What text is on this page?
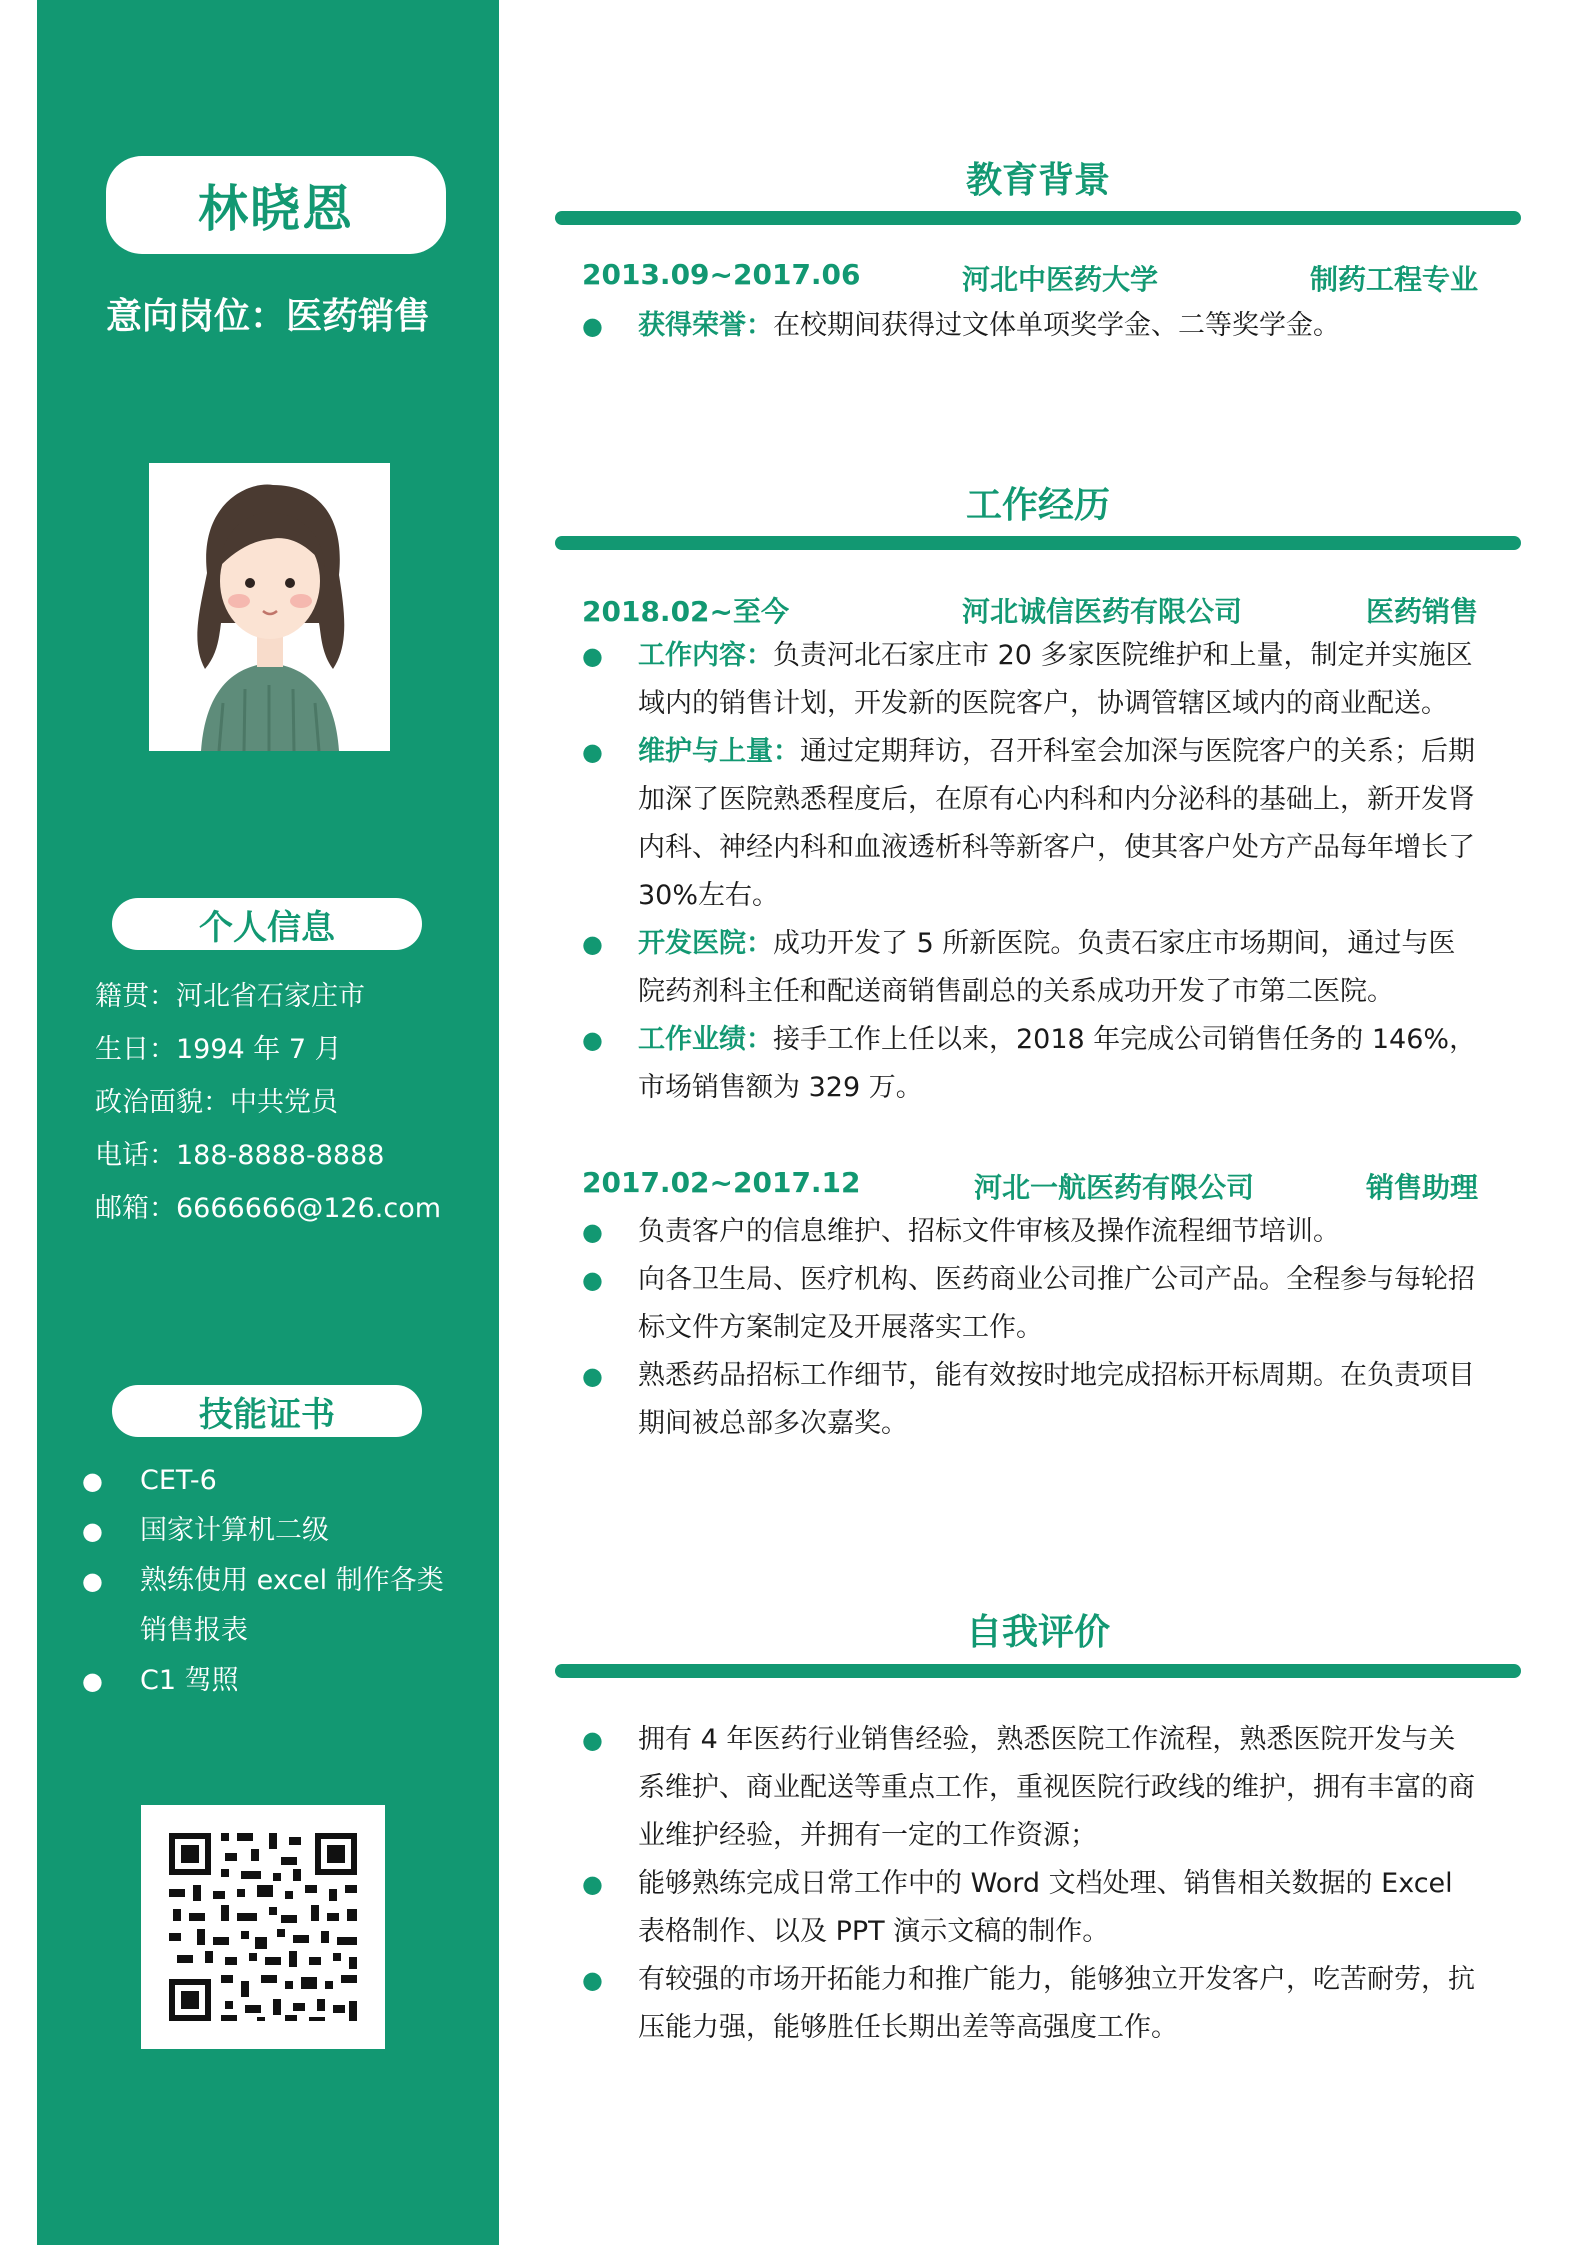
林晓恩
意向岗位：医药销售
个人信息
籍贯：河北省石家庄市
生日：1994 年 7 月
政治面貌：中共党员
电话：188-8888-8888
邮箱：6666666@126.com
技能证书
● CET-6
● 国家计算机二级
● 熟练使用 excel 制作各类销售报表
● C1 驾照
教育背景
2013.09~2017.06	河北中医药大学	制药工程专业
● 获得荣誉：在校期间获得过文体单项奖学金、二等奖学金。
工作经历
2018.02~至今	河北诚信医药有限公司	医药销售
● 工作内容：负责河北石家庄市 20 多家医院维护和上量，制定并实施区域内的销售计划，开发新的医院客户，协调管辖区域内的商业配送。
● 维护与上量：通过定期拜访，召开科室会加深与医院客户的关系；后期加深了医院熟悉程度后，在原有心内科和内分泌科的基础上，新开发肾内科、神经内科和血液透析科等新客户，使其客户处方产品每年增长了 30%左右。
● 开发医院：成功开发了 5 所新医院。负责石家庄市场期间，通过与医院药剂科主任和配送商销售副总的关系成功开发了市第二医院。
● 工作业绩：接手工作上任以来，2018 年完成公司销售任务的 146%，市场销售额为 329 万。
2017.02~2017.12	河北一航医药有限公司	销售助理
● 负责客户的信息维护、招标文件审核及操作流程细节培训。
● 向各卫生局、医疗机构、医药商业公司推广公司产品。全程参与每轮招标文件方案制定及开展落实工作。
● 熟悉药品招标工作细节，能有效按时地完成招标开标周期。在负责项目期间被总部多次嘉奖。
自我评价
● 拥有 4 年医药行业销售经验，熟悉医院工作流程，熟悉医院开发与关系维护、商业配送等重点工作，重视医院行政线的维护，拥有丰富的商业维护经验，并拥有一定的工作资源；
● 能够熟练完成日常工作中的 Word 文档处理、销售相关数据的 Excel 表格制作、以及 PPT 演示文稿的制作。
● 有较强的市场开拓能力和推广能力，能够独立开发客户，吃苦耐劳，抗压能力强，能够胜任长期出差等高强度工作。
